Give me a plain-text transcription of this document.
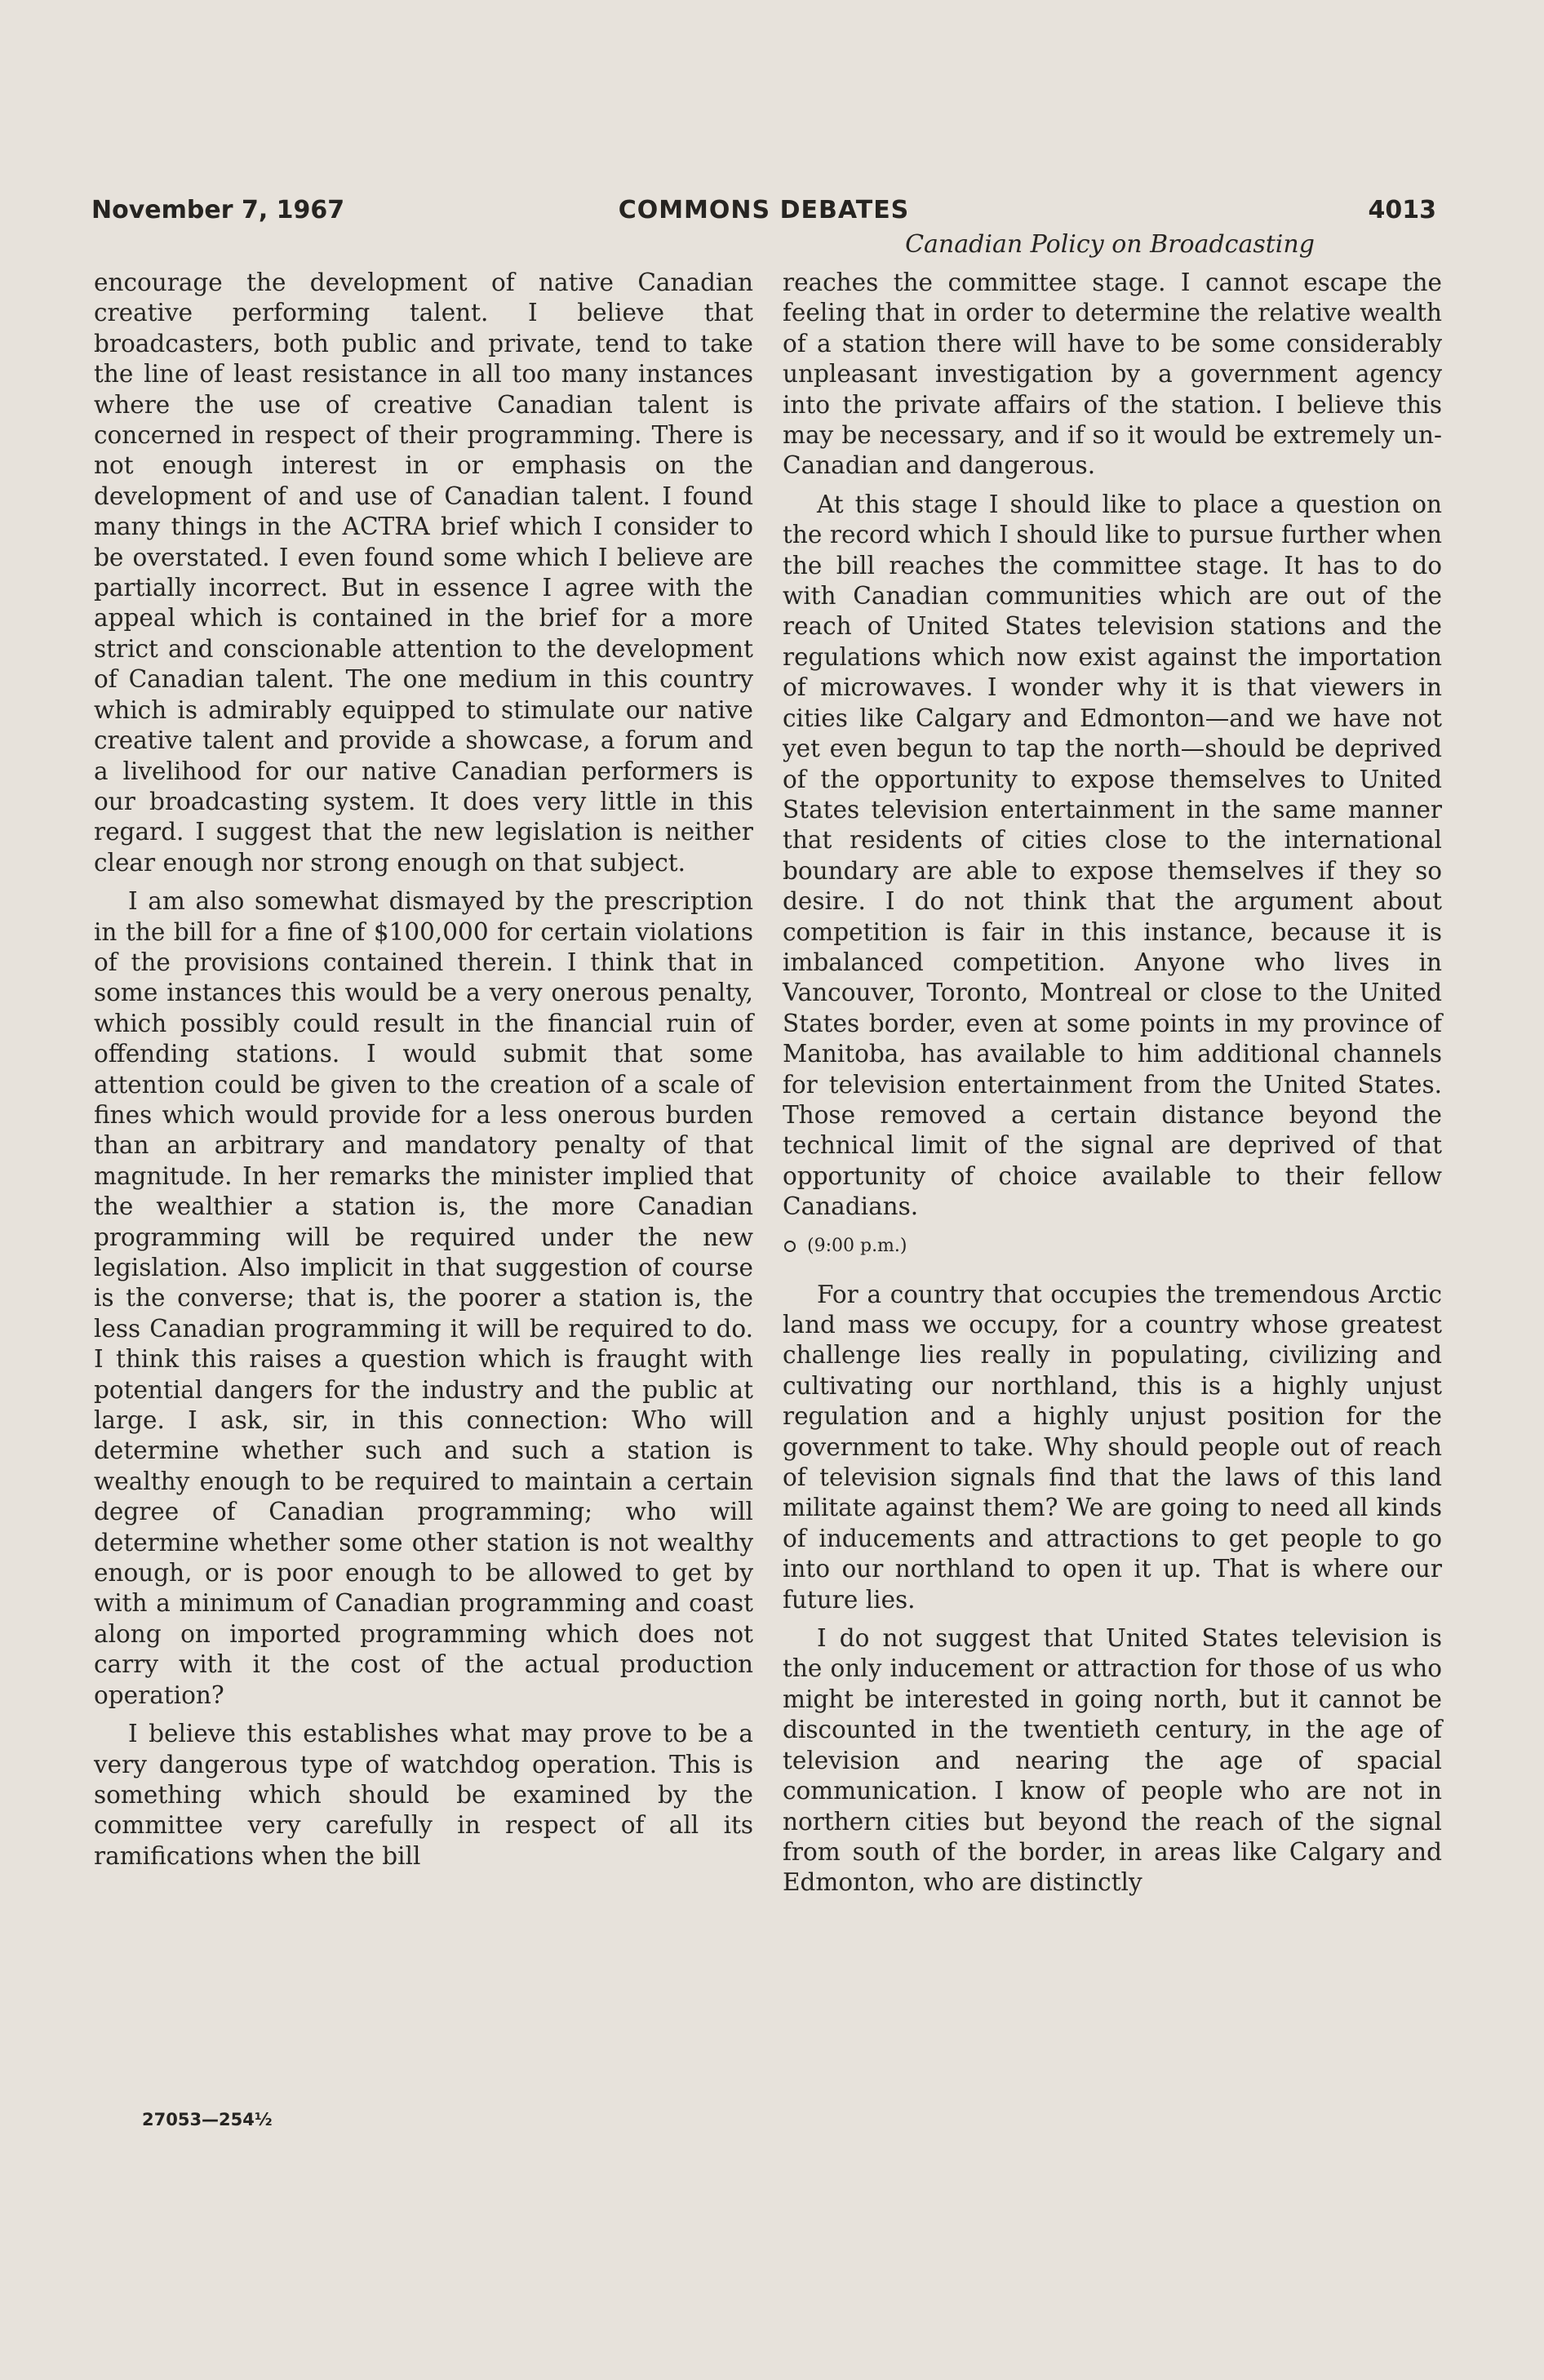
November 7, 1967	COMMONS DEBATES	4013
Canadian Policy on Broadcasting

encourage the development of native Canadian creative performing talent. I believe that broadcasters, both public and private, tend to take the line of least resistance in all too many instances where the use of creative Canadian talent is concerned in respect of their programming. There is not enough interest in or emphasis on the development of and use of Canadian talent. I found many things in the ACTRA brief which I consider to be overstated. I even found some which I believe are partially incorrect. But in essence I agree with the appeal which is contained in the brief for a more strict and conscionable attention to the development of Canadian talent. The one medium in this country which is admirably equipped to stimulate our native creative talent and provide a showcase, a forum and a livelihood for our native Canadian performers is our broadcasting system. It does very little in this regard. I suggest that the new legislation is neither clear enough nor strong enough on that subject.

I am also somewhat dismayed by the prescription in the bill for a fine of $100,000 for certain violations of the provisions contained therein. I think that in some instances this would be a very onerous penalty, which possibly could result in the financial ruin of offending stations. I would submit that some attention could be given to the creation of a scale of fines which would provide for a less onerous burden than an arbitrary and mandatory penalty of that magnitude. In her remarks the minister implied that the wealthier a station is, the more Canadian programming will be required under the new legislation. Also implicit in that suggestion of course is the converse; that is, the poorer a station is, the less Canadian programming it will be required to do. I think this raises a question which is fraught with potential dangers for the industry and the public at large. I ask, sir, in this connection: Who will determine whether such and such a station is wealthy enough to be required to maintain a certain degree of Canadian programming; who will determine whether some other station is not wealthy enough, or is poor enough to be allowed to get by with a minimum of Canadian programming and coast along on imported programming which does not carry with it the cost of the actual production operation?

I believe this establishes what may prove to be a very dangerous type of watchdog operation. This is something which should be examined by the committee very carefully in respect of all its ramifications when the bill

reaches the committee stage. I cannot escape the feeling that in order to determine the relative wealth of a station there will have to be some considerably unpleasant investigation by a government agency into the private affairs of the station. I believe this may be necessary, and if so it would be extremely un-Canadian and dangerous.

At this stage I should like to place a question on the record which I should like to pursue further when the bill reaches the committee stage. It has to do with Canadian communities which are out of the reach of United States television stations and the regulations which now exist against the importation of microwaves. I wonder why it is that viewers in cities like Calgary and Edmonton—and we have not yet even begun to tap the north—should be deprived of the opportunity to expose themselves to United States television entertainment in the same manner that residents of cities close to the international boundary are able to expose themselves if they so desire. I do not think that the argument about competition is fair in this instance, because it is imbalanced competition. Anyone who lives in Vancouver, Toronto, Montreal or close to the United States border, even at some points in my province of Manitoba, has available to him additional channels for television entertainment from the United States. Those removed a certain distance beyond the technical limit of the signal are deprived of that opportunity of choice available to their fellow Canadians.

(9:00 p.m.)

For a country that occupies the tremendous Arctic land mass we occupy, for a country whose greatest challenge lies really in populating, civilizing and cultivating our northland, this is a highly unjust regulation and a highly unjust position for the government to take. Why should people out of reach of television signals find that the laws of this land militate against them? We are going to need all kinds of inducements and attractions to get people to go into our northland to open it up. That is where our future lies.

I do not suggest that United States television is the only inducement or attraction for those of us who might be interested in going north, but it cannot be discounted in the twentieth century, in the age of television and nearing the age of spacial communication. I know of people who are not in northern cities but beyond the reach of the signal from south of the border, in areas like Calgary and Edmonton, who are distinctly

27053—254½
